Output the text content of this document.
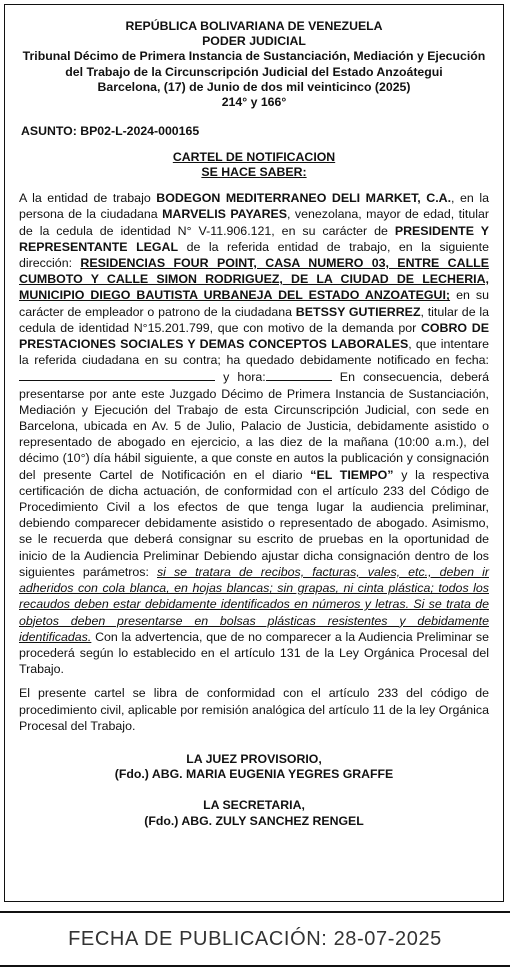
REPÚBLICA BOLIVARIANA DE VENEZUELA
PODER JUDICIAL
Tribunal Décimo de Primera Instancia de Sustanciación, Mediación y Ejecución
del Trabajo de la Circunscripción Judicial del Estado Anzoátegui
Barcelona, (17) de Junio de dos mil veinticinco (2025)
214° y 166°
ASUNTO: BP02-L-2024-000165
CARTEL DE NOTIFICACION
SE HACE SABER:

A la entidad de trabajo BODEGON MEDITERRANEO DELI MARKET, C.A., en la persona de la ciudadana MARVELIS PAYARES, venezolana, mayor de edad, titular de la cedula de identidad N° V-11.906.121, en su carácter de PRESIDENTE Y REPRESENTANTE LEGAL de la referida entidad de trabajo, en la siguiente dirección: RESIDENCIAS FOUR POINT, CASA NUMERO 03, ENTRE CALLE CUMBOTO Y CALLE SIMON RODRIGUEZ, DE LA CIUDAD DE LECHERIA, MUNICIPIO DIEGO BAUTISTA URBANEJA DEL ESTADO ANZOATEGUI; en su carácter de empleador o patrono de la ciudadana BETSSY GUTIERREZ, titular de la cedula de identidad N°15.201.799, que con motivo de la demanda por COBRO DE PRESTACIONES SOCIALES Y DEMAS CONCEPTOS LABORALES, que intentare la referida ciudadana en su contra; ha quedado debidamente notificado en fecha: y hora:	En consecuencia, deberá presentarse por ante este Juzgado Décimo de Primera Instancia de Sustanciación, Mediación y Ejecución del Trabajo de esta Circunscripción Judicial, con sede en Barcelona, ubicada en Av. 5 de Julio, Palacio de Justicia, debidamente asistido o representado de abogado en ejercicio, a las diez de la mañana (10:00 a.m.), del décimo (10°) día hábil siguiente, a que conste en autos la publicación y consignación del presente Cartel de Notificación en el diario “EL TIEMPO” y la respectiva certificación de dicha actuación, de conformidad con el artículo 233 del Código de Procedimiento Civil a los efectos de que tenga lugar la audiencia preliminar, debiendo comparecer debidamente asistido o representado de abogado. Asimismo, se le recuerda que deberá consignar su escrito de pruebas en la oportunidad de inicio de la Audiencia Preliminar Debiendo ajustar dicha consignación dentro de los siguientes parámetros: si se tratara de recibos, facturas, vales, etc., deben ir adheridos con cola blanca, en hojas blancas; sin grapas, ni cinta plástica; todos los recaudos deben estar debidamente identificados en números y letras. Si se trata de objetos deben presentarse en bolsas plásticas resistentes y debidamente identificadas. Con la advertencia, que de no comparecer a la Audiencia Preliminar se procederá según lo establecido en el artículo 131 de la Ley Orgánica Procesal del Trabajo.

El presente cartel se libra de conformidad con el artículo 233 del código de procedimiento civil, aplicable por remisión analógica del artículo 11 de la ley Orgánica Procesal del Trabajo.

LA JUEZ PROVISORIO,
(Fdo.) ABG. MARIA EUGENIA YEGRES GRAFFE
LA SECRETARIA,
(Fdo.) ABG. ZULY SANCHEZ RENGEL
FECHA DE PUBLICACIÓN: 28-07-2025
